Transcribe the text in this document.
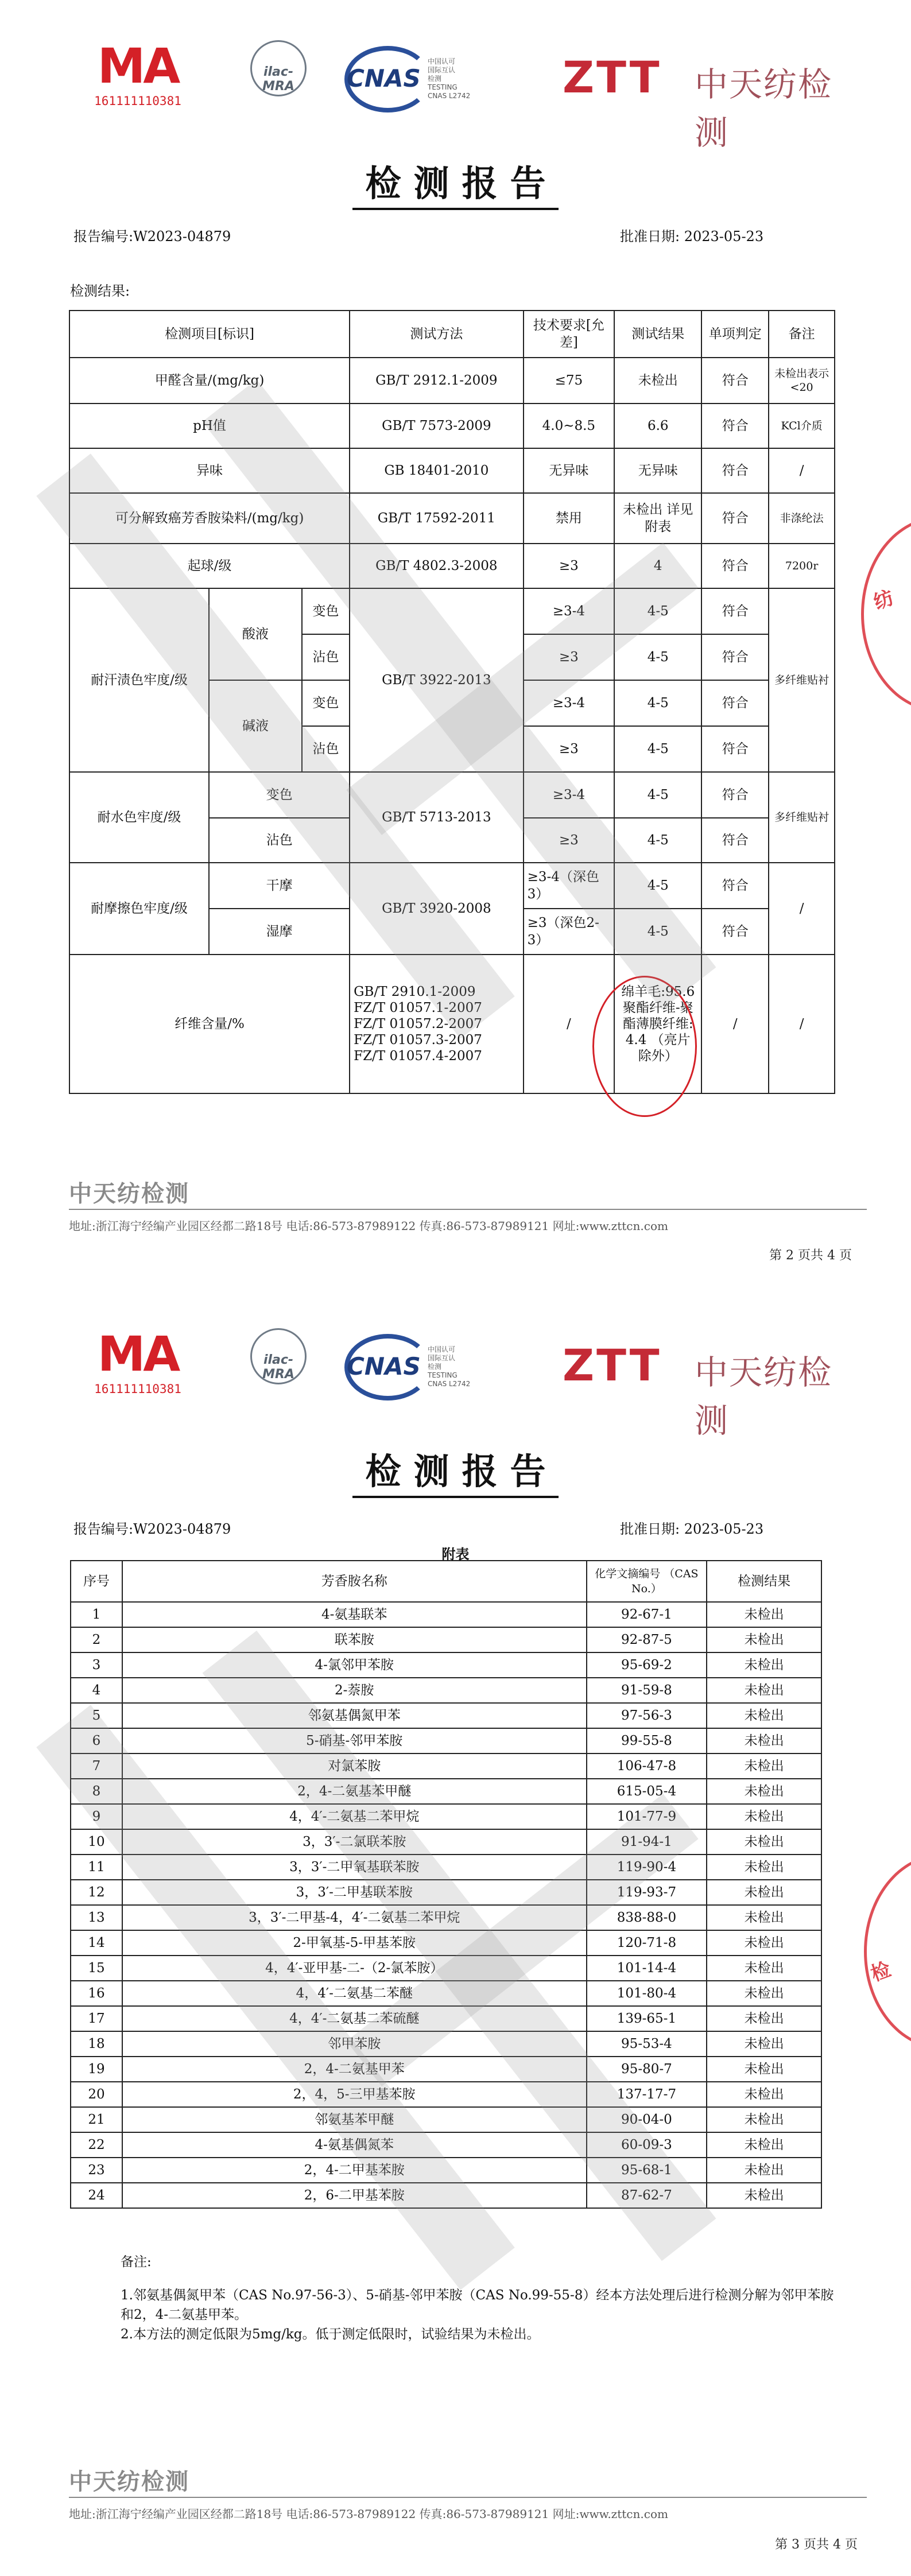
MA
161111110381
ilac-MRA	CNAS
中国认可
国际互认
检测
TESTING
CNAS L2742 ZTT 中天纺检测
检测报告
报告编号:W2023-04879	批准日期: 2023-05-23
检测结果:
检测项目[标识]			测试方法	技术要求[允差]	测试结果	单项判定	备注
甲醛含量/(mg/kg)			GB/T 2912.1-2009	≤75	未检出	符合	未检出表示<20
pH值			GB/T 7573-2009	4.0~8.5	6.6	符合	KCl介质
异味			GB 18401-2010	无异味	无异味	符合	/
可分解致癌芳香胺染料/(mg/kg)			GB/T 17592-2011	禁用	未检出 详见附表	符合	非涤纶法
起球/级			GB/T 4802.3-2008	≥3	4	符合	7200r
耐汗渍色牢度/级	酸液	变色	GB/T 3922-2013	≥3-4	4-5	符合	多纤维贴衬
		沾色		≥3	4-5	符合	
	碱液	变色		≥3-4	4-5	符合	
		沾色		≥3	4-5	符合	
耐水色牢度/级	变色		GB/T 5713-2013	≥3-4	4-5	符合	多纤维贴衬
	沾色			≥3	4-5	符合	
耐摩擦色牢度/级	干摩		GB/T 3920-2008	≥3-4（深色3）	4-5	符合	/
	湿摩			≥3（深色2-3）	4-5	符合	
纤维含量/%			GB/T 2910.1-2009
FZ/T 01057.1-2007
FZ/T 01057.2-2007
FZ/T 01057.3-2007
FZ/T 01057.4-2007	/	绵羊毛:95.6 聚酯纤维-聚酯薄膜纤维: 4.4 （亮片除外）	/	/
纺
中天纺检测
地址:浙江海宁经编产业园区经都二路18号 电话:86-573-87989122 传真:86-573-87989121 网址:www.zttcn.com
第 2 页共 4 页
MA
161111110381
ilac-MRA	CNAS
中国认可
国际互认
检测
TESTING
CNAS L2742 ZTT 中天纺检测
检测报告
报告编号:W2023-04879	批准日期: 2023-05-23
附表
序号	芳香胺名称	化学文摘编号 （CAS No.）	检测结果
1	4-氨基联苯	92-67-1	未检出
2	联苯胺	92-87-5	未检出
3	4-氯邻甲苯胺	95-69-2	未检出
4	2-萘胺	91-59-8	未检出
5	邻氨基偶氮甲苯	97-56-3	未检出
6	5-硝基-邻甲苯胺	99-55-8	未检出
7	对氯苯胺	106-47-8	未检出
8	2，4-二氨基苯甲醚	615-05-4	未检出
9	4，4′-二氨基二苯甲烷	101-77-9	未检出
10	3，3′-二氯联苯胺	91-94-1	未检出
11	3，3′-二甲氧基联苯胺	119-90-4	未检出
12	3，3′-二甲基联苯胺	119-93-7	未检出
13	3，3′-二甲基-4，4′-二氨基二苯甲烷	838-88-0	未检出
14	2-甲氧基-5-甲基苯胺	120-71-8	未检出
15	4，4′-亚甲基-二-（2-氯苯胺）	101-14-4	未检出
16	4，4′-二氨基二苯醚	101-80-4	未检出
17	4，4′-二氨基二苯硫醚	139-65-1	未检出
18	邻甲苯胺	95-53-4	未检出
19	2，4-二氨基甲苯	95-80-7	未检出
20	2，4，5-三甲基苯胺	137-17-7	未检出
21	邻氨基苯甲醚	90-04-0	未检出
22	4-氨基偶氮苯	60-09-3	未检出
23	2，4-二甲基苯胺	95-68-1	未检出
24	2，6-二甲基苯胺	87-62-7	未检出
检
备注:
1.邻氨基偶氮甲苯（CAS No.97-56-3）、5-硝基-邻甲苯胺（CAS No.99-55-8）经本方法处理后进行检测分解为邻甲苯胺和2，4-二氨基甲苯。
2.本方法的测定低限为5mg/kg。低于测定低限时，试验结果为未检出。
中天纺检测
地址:浙江海宁经编产业园区经都二路18号 电话:86-573-87989122 传真:86-573-87989121 网址:www.zttcn.com
第 3 页共 4 页
